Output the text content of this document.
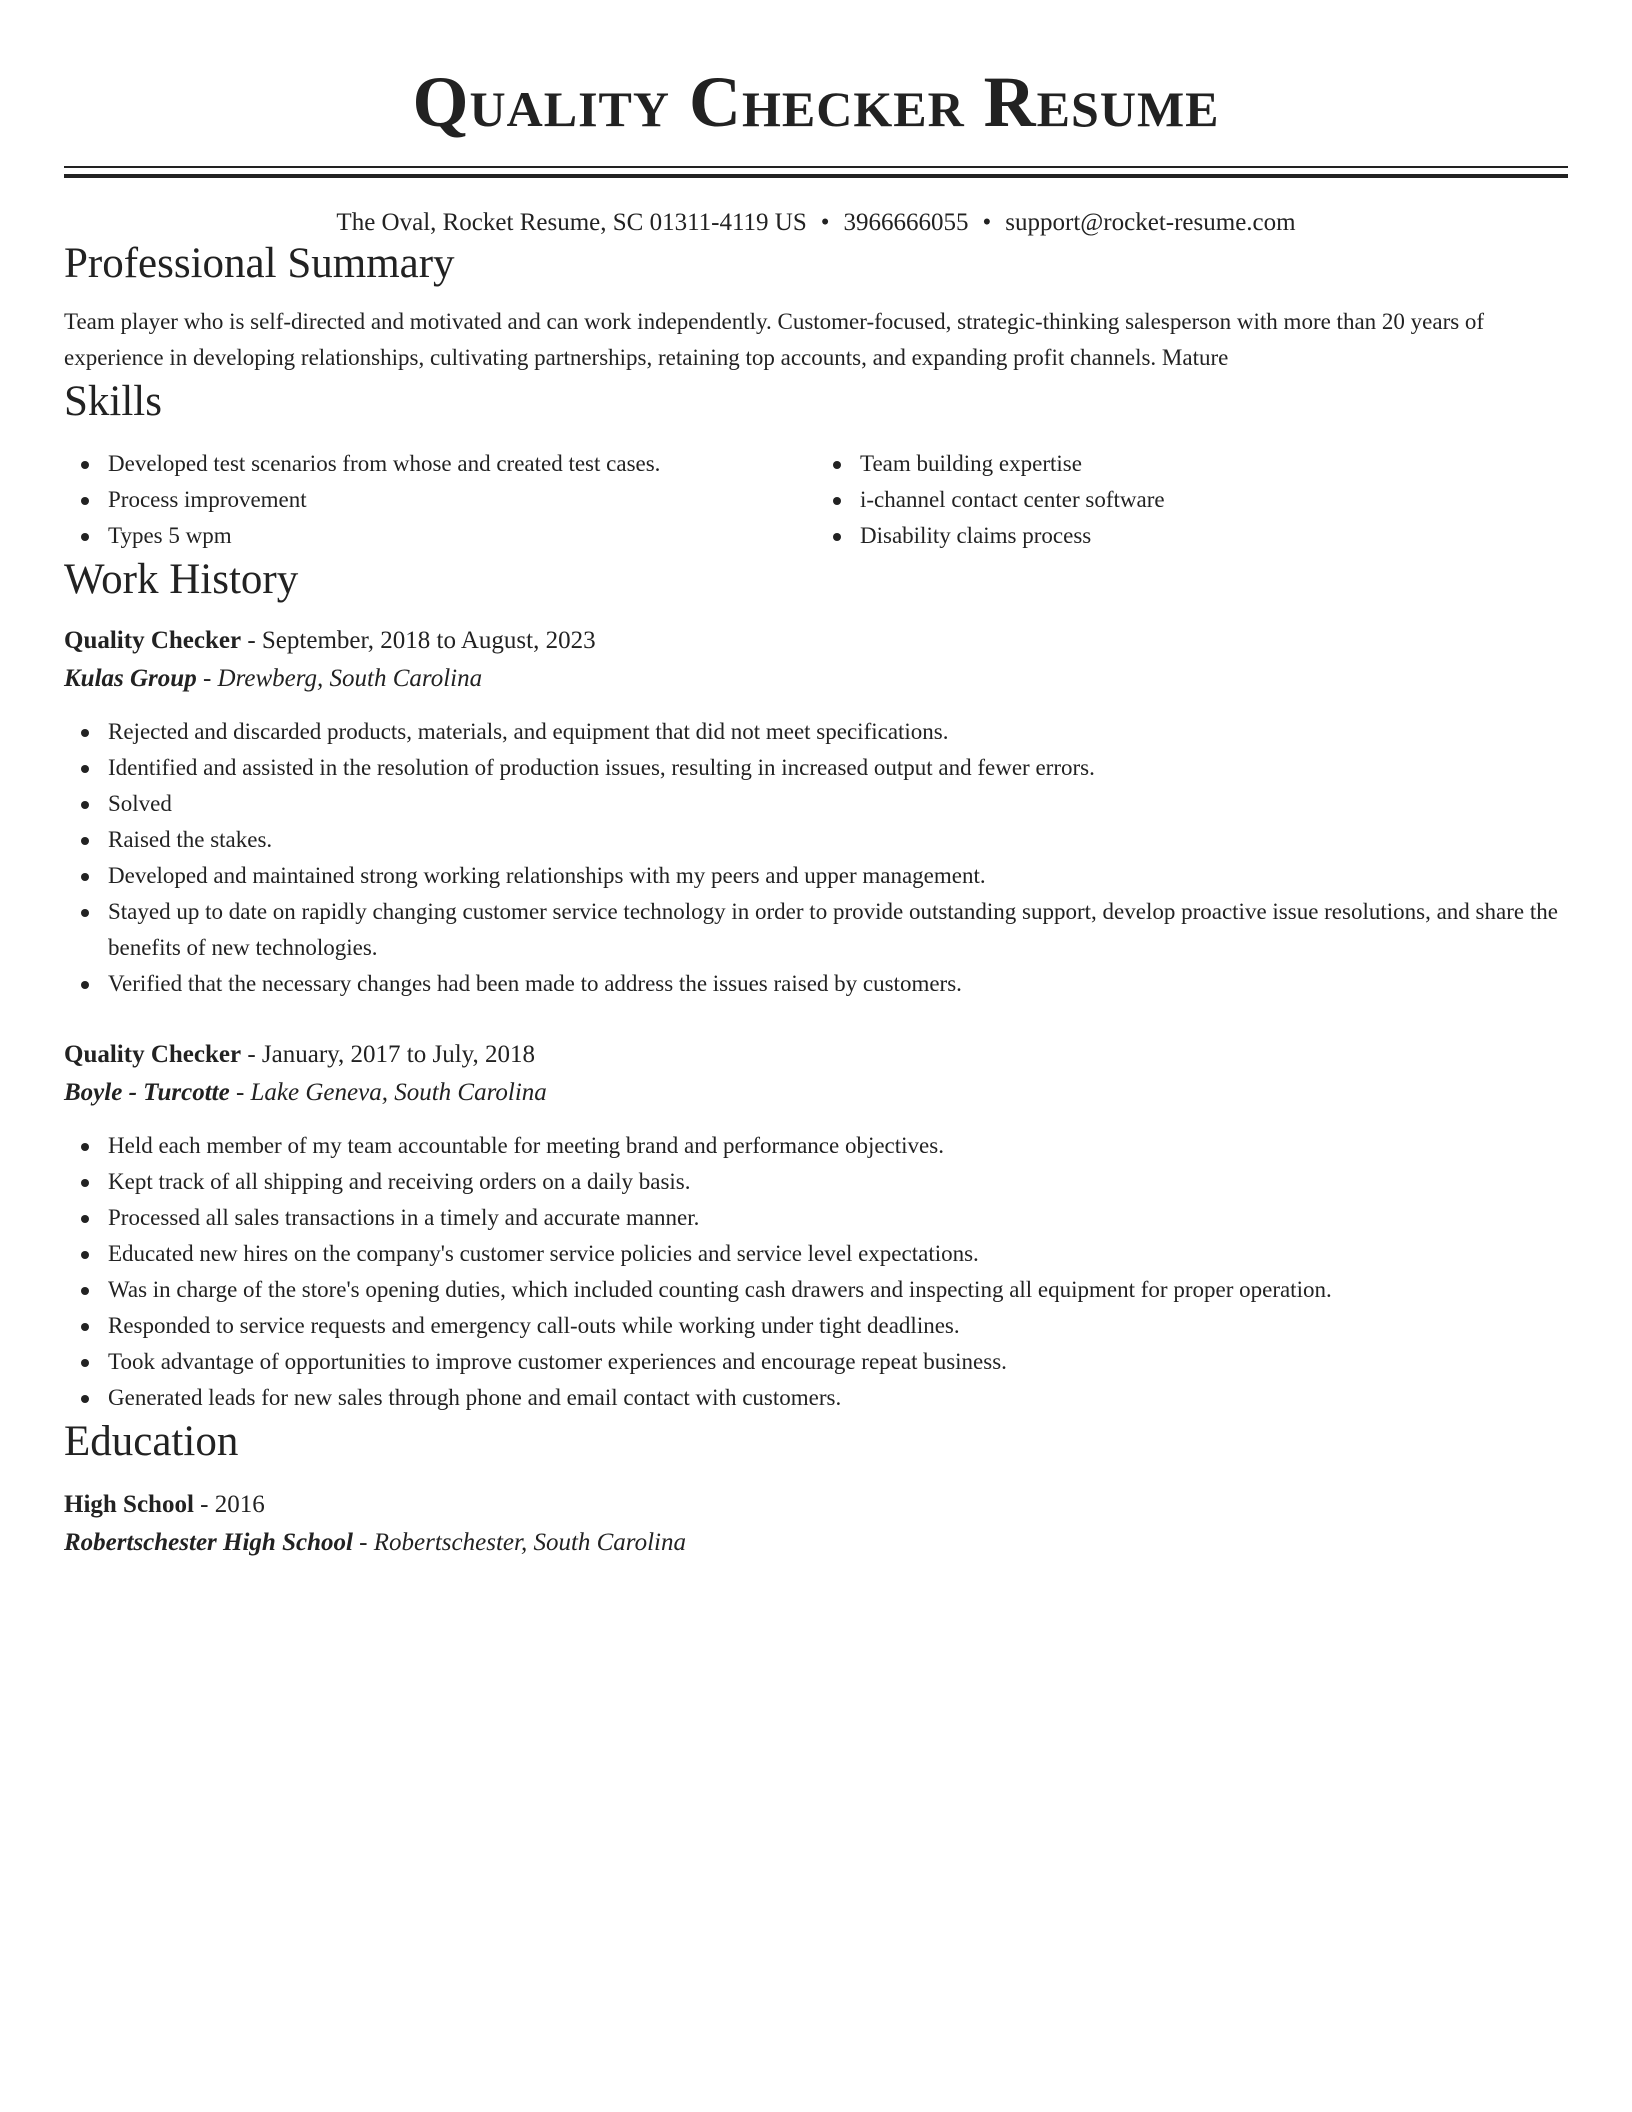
Quality Checker Resume
The Oval, Rocket Resume, SC 01311-4119 US • 3966666055 • support@rocket-resume.com
Professional Summary
Team player who is self-directed and motivated and can work independently. Customer-focused, strategic-thinking salesperson with more than 20 years of experience in developing relationships, cultivating partnerships, retaining top accounts, and expanding profit channels. Mature
Skills
Developed test scenarios from whose and created test cases.
Process improvement
Types 5 wpm
Team building expertise
i-channel contact center software
Disability claims process
Work History
Quality Checker - September, 2018 to August, 2023
Kulas Group - Drewberg, South Carolina
Rejected and discarded products, materials, and equipment that did not meet specifications.
Identified and assisted in the resolution of production issues, resulting in increased output and fewer errors.
Solved
Raised the stakes.
Developed and maintained strong working relationships with my peers and upper management.
Stayed up to date on rapidly changing customer service technology in order to provide outstanding support, develop proactive issue resolutions, and share the benefits of new technologies.
Verified that the necessary changes had been made to address the issues raised by customers.
Quality Checker - January, 2017 to July, 2018
Boyle - Turcotte - Lake Geneva, South Carolina
Held each member of my team accountable for meeting brand and performance objectives.
Kept track of all shipping and receiving orders on a daily basis.
Processed all sales transactions in a timely and accurate manner.
Educated new hires on the company's customer service policies and service level expectations.
Was in charge of the store's opening duties, which included counting cash drawers and inspecting all equipment for proper operation.
Responded to service requests and emergency call-outs while working under tight deadlines.
Took advantage of opportunities to improve customer experiences and encourage repeat business.
Generated leads for new sales through phone and email contact with customers.
Education
High School - 2016
Robertschester High School - Robertschester, South Carolina
